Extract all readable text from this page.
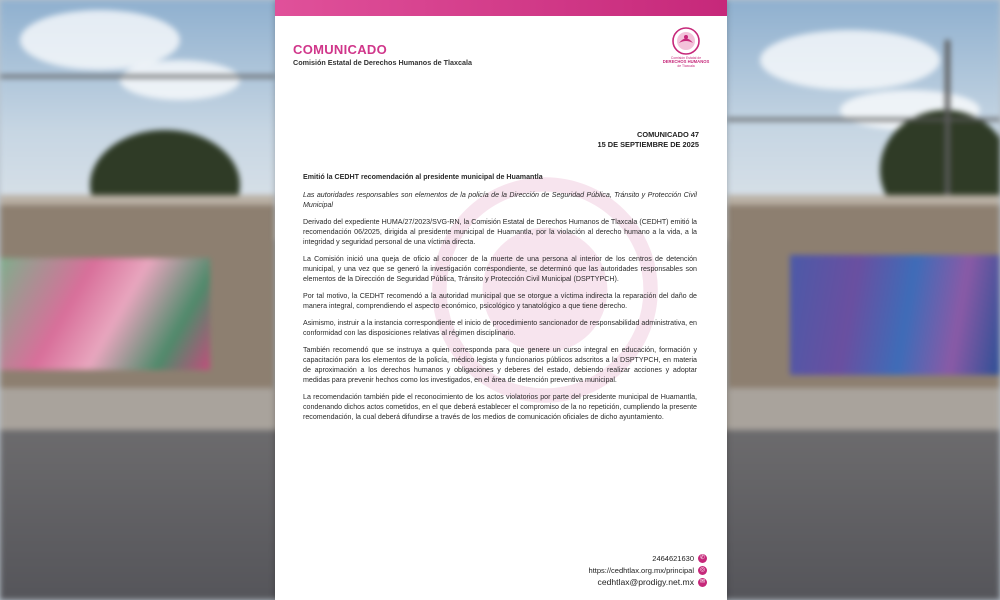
COMUNICADO
Comisión Estatal de Derechos Humanos de Tlaxcala	Comisión Estatal de
DERECHOS HUMANOS
de Tlaxcala
COMUNICADO 47
15 DE SEPTIEMBRE DE 2025

Emitió la CEDHT recomendación al presidente municipal de Huamantla

Las autoridades responsables son elementos de la policía de la Dirección de Seguridad Pública, Tránsito y Protección Civil Municipal

Derivado del expediente HUMA/27/2023/SVG-RN, la Comisión Estatal de Derechos Humanos de Tlaxcala (CEDHT) emitió la recomendación 06/2025, dirigida al presidente municipal de Huamantla, por la violación al derecho humano a la vida, a la integridad y seguridad personal de una víctima directa.

La Comisión inició una queja de oficio al conocer de la muerte de una persona al interior de los centros de detención municipal, y una vez que se generó la investigación correspondiente, se determinó que las autoridades responsables son elementos de la Dirección de Seguridad Pública, Tránsito y Protección Civil Municipal (DSPTYPCH).

Por tal motivo, la CEDHT recomendó a la autoridad municipal que se otorgue a víctima indirecta la reparación del daño de manera integral, comprendiendo el aspecto económico, psicológico y tanatológico a que tiene derecho.

Asimismo, instruir a la instancia correspondiente el inicio de procedimiento sancionador de responsabilidad administrativa, en conformidad con las disposiciones relativas al régimen disciplinario.

También recomendó que se instruya a quien corresponda para que genere un curso integral en educación, formación y capacitación para los elementos de la policía, médico legista y funcionarios públicos adscritos a la DSPTYPCH, en materia de aproximación a los derechos humanos y obligaciones y deberes del estado, debiendo realizar acciones y adoptar medidas para prevenir hechos como los investigados, en el área de detención preventiva municipal.

La recomendación también pide el reconocimiento de los actos violatorios por parte del presidente municipal de Huamantla, condenando dichos actos cometidos, en el que deberá establecer el compromiso de la no repetición, cumpliendo la presente recomendación, la cual deberá difundirse a través de los medios de comunicación oficiales de dicho ayuntamiento.

2464621630 ✆
https://cedhtlax.org.mx/principal ◎
cedhtlax@prodigy.net.mx ✉
